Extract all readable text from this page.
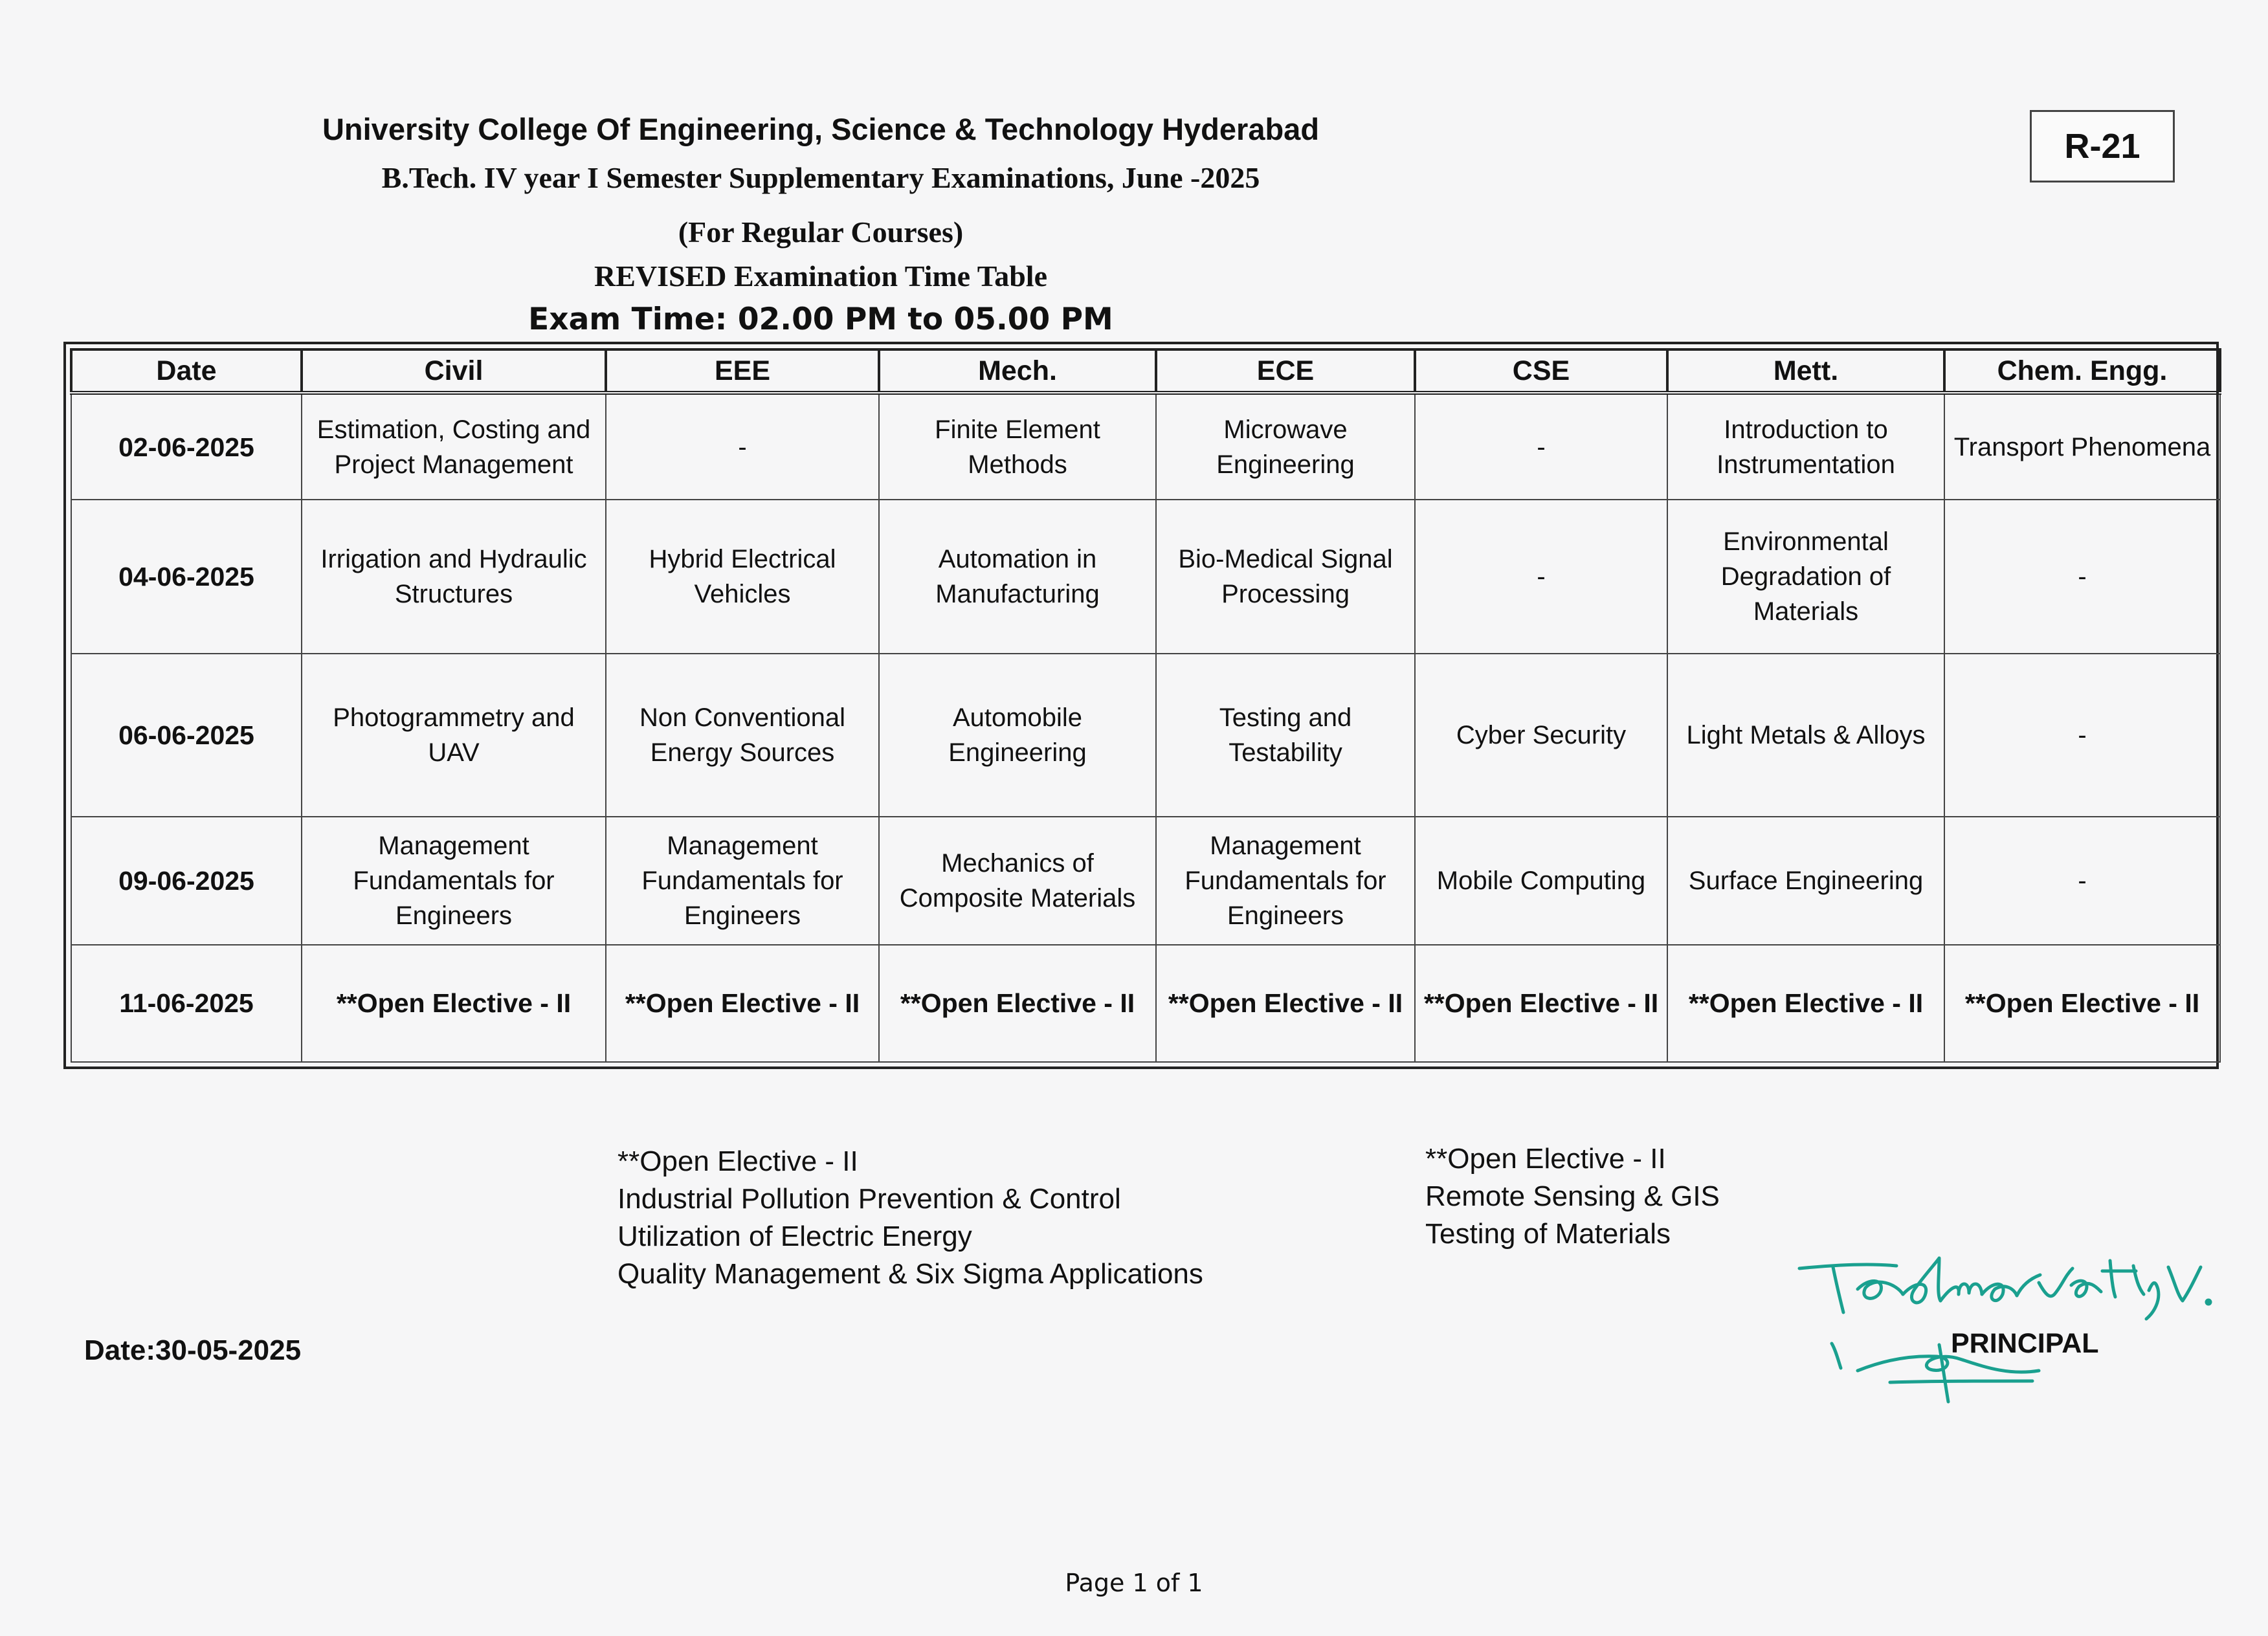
University College Of Engineering, Science & Technology Hyderabad
B.Tech. IV year I Semester Supplementary Examinations, June -2025
(For Regular Courses)
REVISED Examination Time Table
Exam Time: 02.00 PM to 05.00 PM
R-21
Date	Civil	EEE	Mech.	ECE	CSE	Mett.	Chem. Engg.
02-06-2025	Estimation, Costing and Project Management	-	Finite Element Methods	Microwave Engineering	-	Introduction to Instrumentation	Transport Phenomena
04-06-2025	Irrigation and Hydraulic Structures	Hybrid Electrical Vehicles	Automation in Manufacturing	Bio-Medical Signal Processing	-	Environmental Degradation of Materials	-
06-06-2025	Photogrammetry and UAV	Non Conventional Energy Sources	Automobile Engineering	Testing and Testability	Cyber Security	Light Metals & Alloys	-
09-06-2025	Management Fundamentals for Engineers	Management Fundamentals for Engineers	Mechanics of Composite Materials	Management Fundamentals for Engineers	Mobile Computing	Surface Engineering	-
11-06-2025	**Open Elective - II	**Open Elective - II	**Open Elective - II	**Open Elective - II	**Open Elective - II	**Open Elective - II	**Open Elective - II
**Open Elective - II
Industrial Pollution Prevention & Control
Utilization of Electric Energy
Quality Management & Six Sigma Applications
**Open Elective - II
Remote Sensing & GIS
Testing of Materials
Date:30-05-2025	PRINCIPAL
Page 1 of 1
